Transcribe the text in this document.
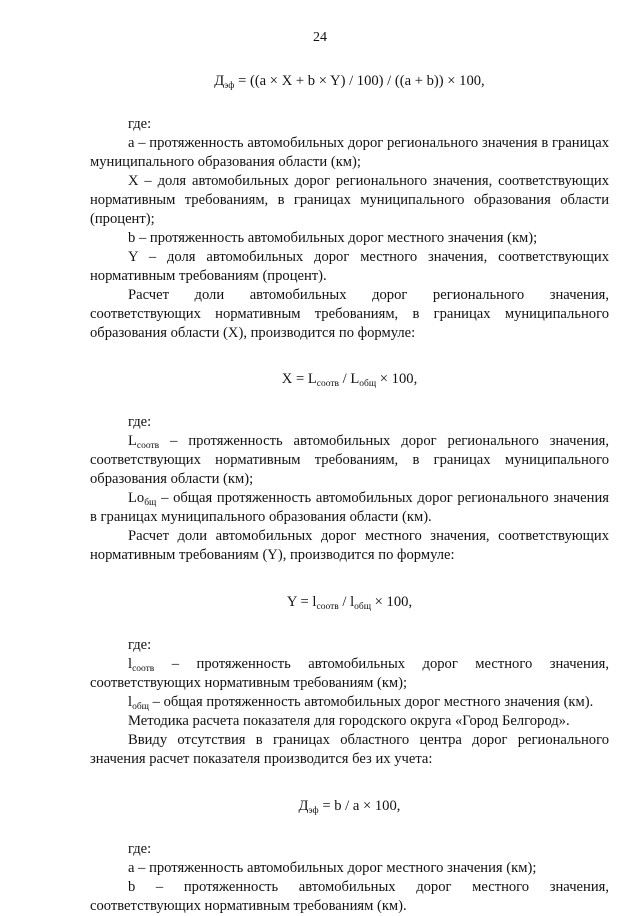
24

$Д_{эф} = ((a \times X + b \times Y) / 100) / ((a + b)) \times 100$,

где:

a – протяженность автомобильных дорог регионального значения в границах муниципального образования области (км);

X – доля автомобильных дорог регионального значения, соответствующих нормативным требованиям, в границах муниципального образования области (процент);

b – протяженность автомобильных дорог местного значения (км);

Y – доля автомобильных дорог местного значения, соответствующих нормативным требованиям (процент).

Расчет доли автомобильных дорог регионального значения, соответствующих нормативным требованиям, в границах муниципального образования области (X), производится по формуле:

$X = L_{соотв} / L_{общ} \times 100$,

где:

$L_{соотв}$ – протяженность автомобильных дорог регионального значения, соответствующих нормативным требованиям, в границах муниципального образования области (км);

$Lо_{бщ}$ – общая протяженность автомобильных дорог регионального значения в границах муниципального образования области (км).

Расчет доли автомобильных дорог местного значения, соответствующих нормативным требованиям (Y), производится по формуле:

$Y = l_{соотв} / l_{общ} \times 100$,

где:

$l_{соотв}$ – протяженность автомобильных дорог местного значения, соответствующих нормативным требованиям (км);

$l_{общ}$ – общая протяженность автомобильных дорог местного значения (км).

Методика расчета показателя для городского округа «Город Белгород».

Ввиду отсутствия в границах областного центра дорог регионального значения расчет показателя производится без их учета:

$Д_{эф} = b / a \times 100$,

где:

a – протяженность автомобильных дорог местного значения (км);

b – протяженность автомобильных дорог местного значения, соответствующих нормативным требованиям (км).
